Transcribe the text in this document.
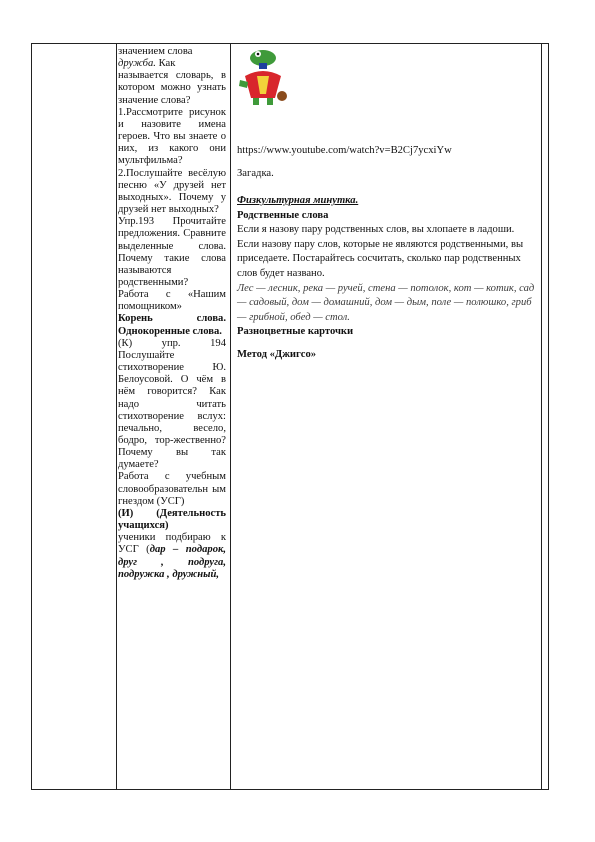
значением слова

дружба. Как

называется словарь, в котором можно узнать значение слова?

1.Рассмотрите рисунок и назовите имена героев. Что вы знаете о них, из какого они мультфильма?

2.Послушайте весёлую песню «У друзей нет выходных». Почему у друзей нет выходных?

Упр.193 Прочитайте предложения. Сравните выделенные слова. Почему такие слова называются родственными?

Работа с «Нашим помощником»

Корень слова. Однокоренные слова.

(К) упр. 194 Послушайте стихотворение Ю. Белоусовой. О чём в нём говорится? Как надо читать стихотворение вслух: печально, весело, бодро, тор-жественно? Почему вы так думаете?

Работа с учебным словообразовательн ым гнездом (УСГ)

(И) (Деятельность учащихся)

ученики подбираю к УСГ (дар – подарок, друг , подруга, подружка , дружный,

https://www.youtube.com/watch?v=B2Cj7ycxiYw
Загадка.
Физкультурная минутка.
Родственные слова
Если я назову пару родственных слов, вы хлопаете в ладоши. Если назову пару слов, которые не являются родственными, вы приседаете. Постарайтесь сосчитать, сколько пар родственных слов будет названо.
Лес — лесник, река — ручей, стена — потолок, кот — котик, сад — садовый, дом — домашний, дом — дым, поле — полюшко, гриб — грибной, обед — стол.
Разноцветные карточки
Метод «Джигсо»
